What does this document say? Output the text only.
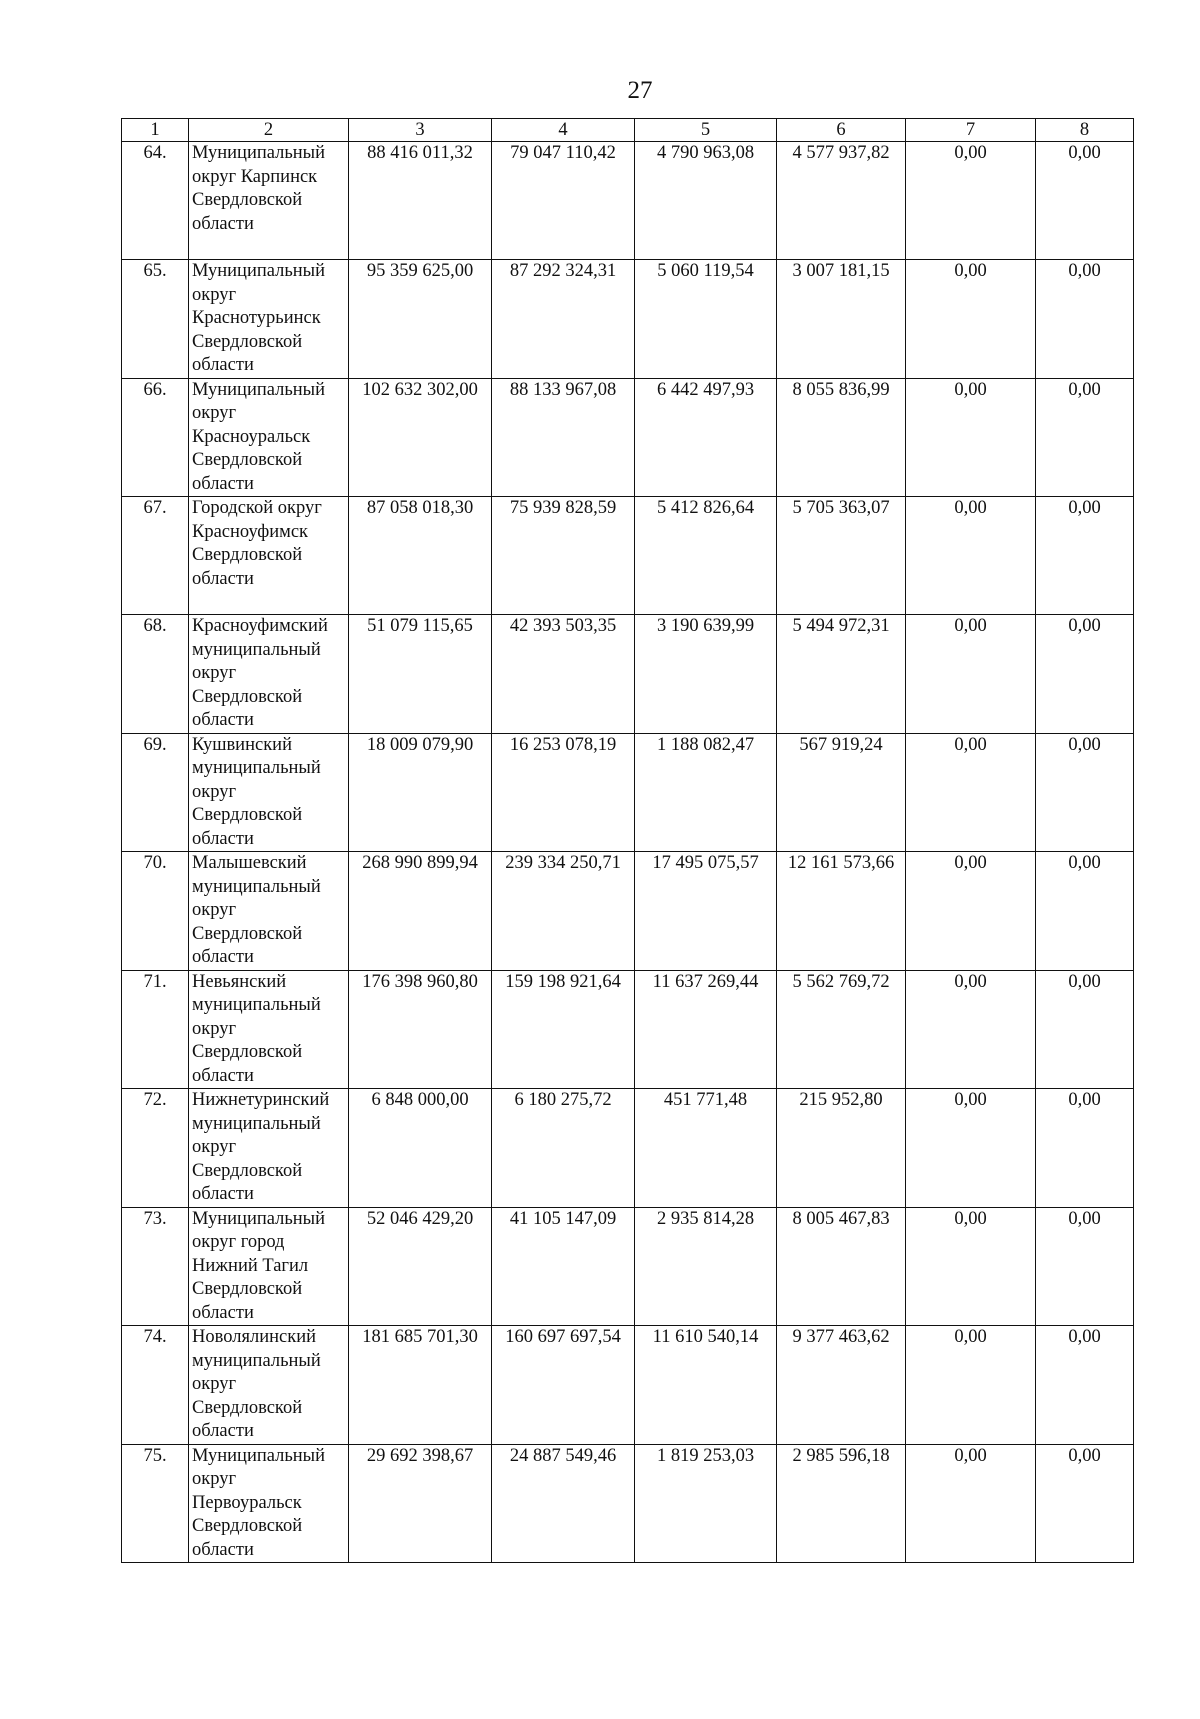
27
1	2	3	4	5	6	7	8
64.	Муниципальный
округ Карпинск
Свердловской
области	88 416 011,32	79 047 110,42	4 790 963,08	4 577 937,82	0,00	0,00
65.	Муниципальный
округ
Краснотурьинск
Свердловской
области	95 359 625,00	87 292 324,31	5 060 119,54	3 007 181,15	0,00	0,00
66.	Муниципальный
округ
Красноуральск
Свердловской
области	102 632 302,00	88 133 967,08	6 442 497,93	8 055 836,99	0,00	0,00
67.	Городской округ
Красноуфимск
Свердловской
области	87 058 018,30	75 939 828,59	5 412 826,64	5 705 363,07	0,00	0,00
68.	Красноуфимский
муниципальный
округ
Свердловской
области	51 079 115,65	42 393 503,35	3 190 639,99	5 494 972,31	0,00	0,00
69.	Кушвинский
муниципальный
округ
Свердловской
области	18 009 079,90	16 253 078,19	1 188 082,47	567 919,24	0,00	0,00
70.	Малышевский
муниципальный
округ
Свердловской
области	268 990 899,94	239 334 250,71	17 495 075,57	12 161 573,66	0,00	0,00
71.	Невьянский
муниципальный
округ
Свердловской
области	176 398 960,80	159 198 921,64	11 637 269,44	5 562 769,72	0,00	0,00
72.	Нижнетуринский
муниципальный
округ
Свердловской
области	6 848 000,00	6 180 275,72	451 771,48	215 952,80	0,00	0,00
73.	Муниципальный
округ город
Нижний Тагил
Свердловской
области	52 046 429,20	41 105 147,09	2 935 814,28	8 005 467,83	0,00	0,00
74.	Новолялинский
муниципальный
округ
Свердловской
области	181 685 701,30	160 697 697,54	11 610 540,14	9 377 463,62	0,00	0,00
75.	Муниципальный
округ
Первоуральск
Свердловской
области	29 692 398,67	24 887 549,46	1 819 253,03	2 985 596,18	0,00	0,00
